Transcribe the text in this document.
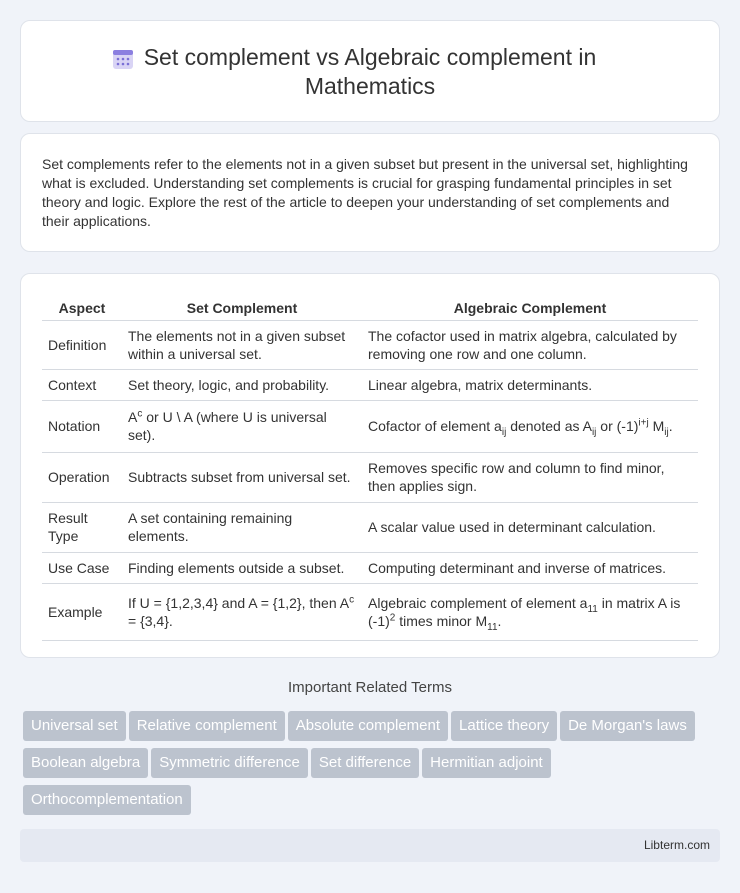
Set complement vs Algebraic complement in Mathematics

Set complements refer to the elements not in a given subset but present in the universal set, highlighting what is excluded. Understanding set complements is crucial for grasping fundamental principles in set theory and logic. Explore the rest of the article to deepen your understanding of set complements and their applications.

Aspect	Set Complement	Algebraic Complement
Definition	The elements not in a given subset within a universal set.	The cofactor used in matrix algebra, calculated by removing one row and one column.
Context	Set theory, logic, and probability.	Linear algebra, matrix determinants.
Notation	$A^c$ or U \ A (where U is universal set).	Cofactor of element $a_{ij}$ denoted as $A_{ij}$ or $(-1)^{i+j}$ $M_{ij}$.
Operation	Subtracts subset from universal set.	Removes specific row and column to find minor, then applies sign.
Result Type	A set containing remaining elements.	A scalar value used in determinant calculation.
Use Case	Finding elements outside a subset.	Computing determinant and inverse of matrices.
Example	If U = {1,2,3,4} and A = {1,2}, then $A^c = \{3,4\}$.	Algebraic complement of element $a_{11}$ in matrix A is $(-1)^2$ times minor $M_{11}$.
Important Related Terms
Universal set Relative complement Absolute complement Lattice theory De Morgan's lawsBoolean algebra Symmetric difference Set difference Hermitian adjointOrthocomplementation
Libterm.com
